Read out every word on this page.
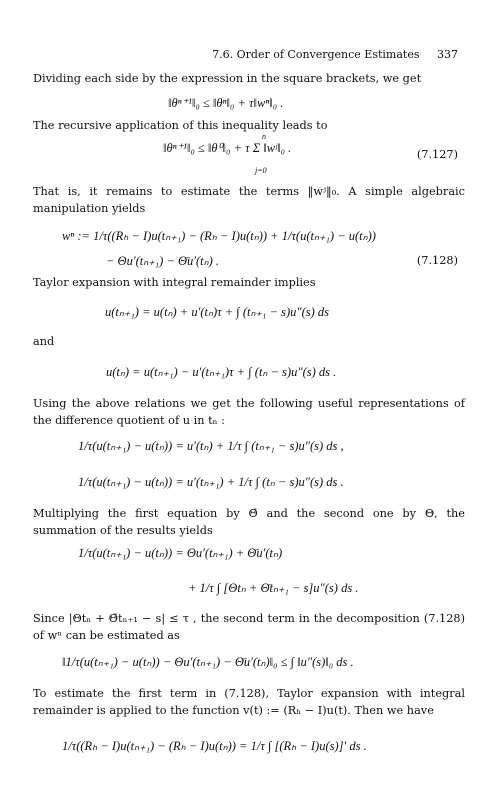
7.6. Order of Convergence Estimates 337
Dividing each side by the expression in the square brackets, we get
‖θⁿ⁺¹‖₀ ≤ ‖θⁿ‖₀ + τ‖wⁿ‖₀ .
The recursive application of this inequality leads to
‖θⁿ⁺¹‖₀ ≤ ‖θ⁰‖₀ + τ Σ ‖wʲ‖₀ .
n
j=0
(7.127)
That is, it remains to estimate the terms ‖wʲ‖₀. A simple algebraic manipulation yields
wⁿ := 1/τ((Rₕ − I)u(tₙ₊₁) − (Rₕ − I)u(tₙ)) + 1/τ(u(tₙ₊₁) − u(tₙ))
− Θu′(tₙ₊₁) − Θ̄u′(tₙ) .	(7.128)
Taylor expansion with integral remainder implies
u(tₙ₊₁) = u(tₙ) + u′(tₙ)τ + ∫ (tₙ₊₁ − s)u″(s) ds
and
u(tₙ) = u(tₙ₊₁) − u′(tₙ₊₁)τ + ∫ (tₙ − s)u″(s) ds .
Using the above relations we get the following useful representations of the difference quotient of u in tₙ :
1/τ(u(tₙ₊₁) − u(tₙ)) = u′(tₙ) + 1/τ ∫ (tₙ₊₁ − s)u″(s) ds ,
1/τ(u(tₙ₊₁) − u(tₙ)) = u′(tₙ₊₁) + 1/τ ∫ (tₙ − s)u″(s) ds .
Multiplying the first equation by Θ̄ and the second one by Θ, the summation of the results yields
1/τ(u(tₙ₊₁) − u(tₙ)) = Θu′(tₙ₊₁) + Θ̄u′(tₙ)
+ 1/τ ∫ [Θtₙ + Θ̄tₙ₊₁ − s]u″(s) ds .
Since |Θtₙ + Θ̄tₙ₊₁ − s| ≤ τ , the second term in the decomposition (7.128) of wⁿ can be estimated as
‖1/τ(u(tₙ₊₁) − u(tₙ)) − Θu′(tₙ₊₁) − Θ̄u′(tₙ)‖₀ ≤ ∫ ‖u″(s)‖₀ ds .
To estimate the first term in (7.128), Taylor expansion with integral remainder is applied to the function v(t) := (Rₕ − I)u(t). Then we have
1/τ((Rₕ − I)u(tₙ₊₁) − (Rₕ − I)u(tₙ)) = 1/τ ∫ [(Rₕ − I)u(s)]′ ds .
